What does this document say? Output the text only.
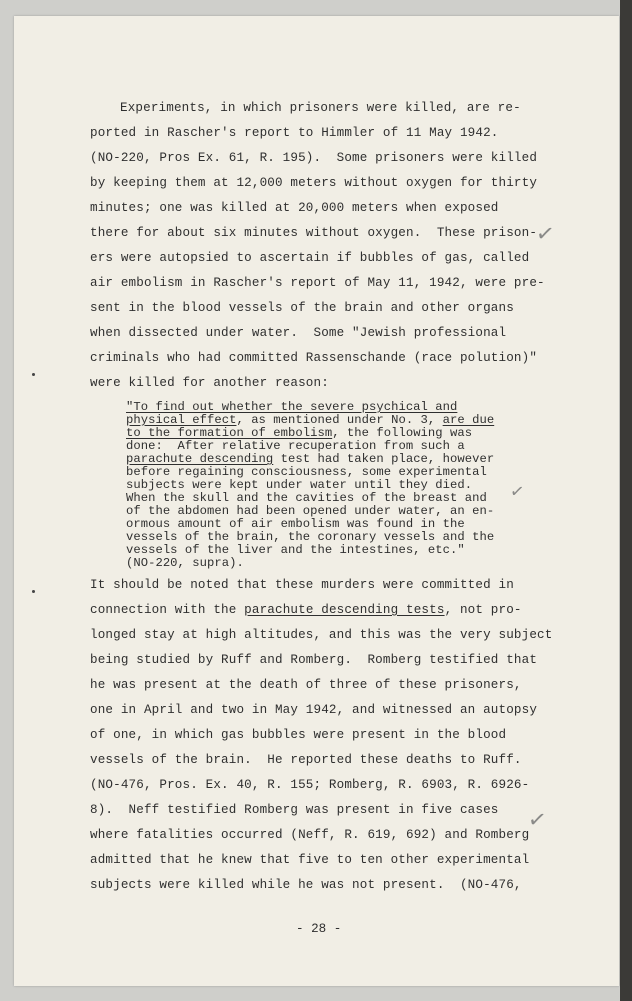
Experiments, in which prisoners were killed, are re-
ported in Rascher's report to Himmler of 11 May 1942.
(NO-220, Pros Ex. 61, R. 195).  Some prisoners were killed
by keeping them at 12,000 meters without oxygen for thirty
minutes; one was killed at 20,000 meters when exposed
there for about six minutes without oxygen.  These prison-
ers were autopsied to ascertain if bubbles of gas, called
air embolism in Rascher's report of May 11, 1942, were pre-
sent in the blood vessels of the brain and other organs
when dissected under water.  Some "Jewish professional
criminals who had committed Rassenschande (race polution)"
were killed for another reason:
"To find out whether the severe psychical and
physical effect, as mentioned under No. 3, are due
to the formation of embolism, the following was
done:  After relative recuperation from such a
parachute descending test had taken place, however
before regaining consciousness, some experimental
subjects were kept under water until they died.
When the skull and the cavities of the breast and
of the abdomen had been opened under water, an en-
ormous amount of air embolism was found in the
vessels of the brain, the coronary vessels and the
vessels of the liver and the intestines, etc."
(NO-220, supra).
It should be noted that these murders were committed in
connection with the parachute descending tests, not pro-
longed stay at high altitudes, and this was the very subject
being studied by Ruff and Romberg.  Romberg testified that
he was present at the death of three of these prisoners,
one in April and two in May 1942, and witnessed an autopsy
of one, in which gas bubbles were present in the blood
vessels of the brain.  He reported these deaths to Ruff.
(NO-476, Pros. Ex. 40, R. 155; Romberg, R. 6903, R. 6926-
8).  Neff testified Romberg was present in five cases
where fatalities occurred (Neff, R. 619, 692) and Romberg
admitted that he knew that five to ten other experimental
subjects were killed while he was not present.  (NO-476,
- 28 -
✓
✓
✓
